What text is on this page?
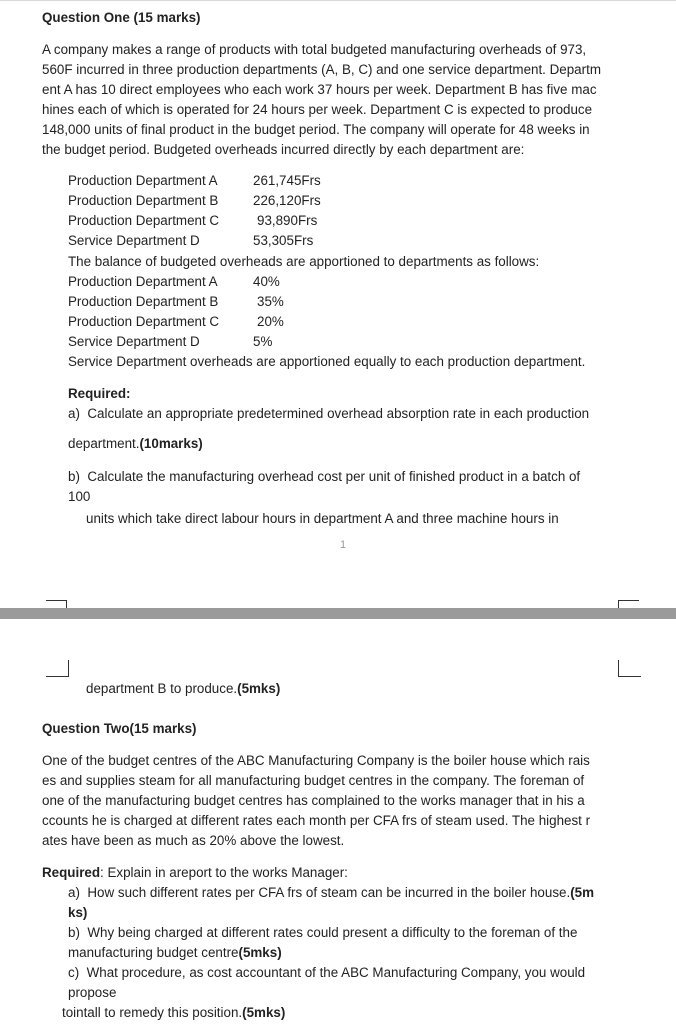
Question One (15 marks)
A company makes a range of products with total budgeted manufacturing overheads of 973,
560F incurred in three production departments (A, B, C) and one service department. Departm
ent A has 10 direct employees who each work 37 hours per week. Department B has five mac
hines each of which is operated for 24 hours per week. Department C is expected to produce
148,000 units of final product in the budget period. The company will operate for 48 weeks in
the budget period. Budgeted overheads incurred directly by each department are:
Production Department A	261,745Frs
Production Department B	226,120Frs
Production Department C	93,890Frs
Service Department D	53,305Frs
The balance of budgeted overheads are apportioned to departments as follows:
Production Department A	40%
Production Department B	35%
Production Department C	20%
Service Department D	5%
Service Department overheads are apportioned equally to each production department.
Required:
a) Calculate an appropriate predetermined overhead absorption rate in each production
department.(10marks)
b) Calculate the manufacturing overhead cost per unit of finished product in a batch of
100
units which take direct labour hours in department A and three machine hours in
1
department B to produce.(5mks)
Question Two(15 marks)
One of the budget centres of the ABC Manufacturing Company is the boiler house which rais
es and supplies steam for all manufacturing budget centres in the company. The foreman of
one of the manufacturing budget centres has complained to the works manager that in his a
ccounts he is charged at different rates each month per CFA frs of steam used. The highest r
ates have been as much as 20% above the lowest.
Required: Explain in areport to the works Manager:
a) How such different rates per CFA frs of steam can be incurred in the boiler house.(5m
ks)
b) Why being charged at different rates could present a difficulty to the foreman of the
manufacturing budget centre(5mks)
c) What procedure, as cost accountant of the ABC Manufacturing Company, you would
propose
tointall to remedy this position.(5mks)
